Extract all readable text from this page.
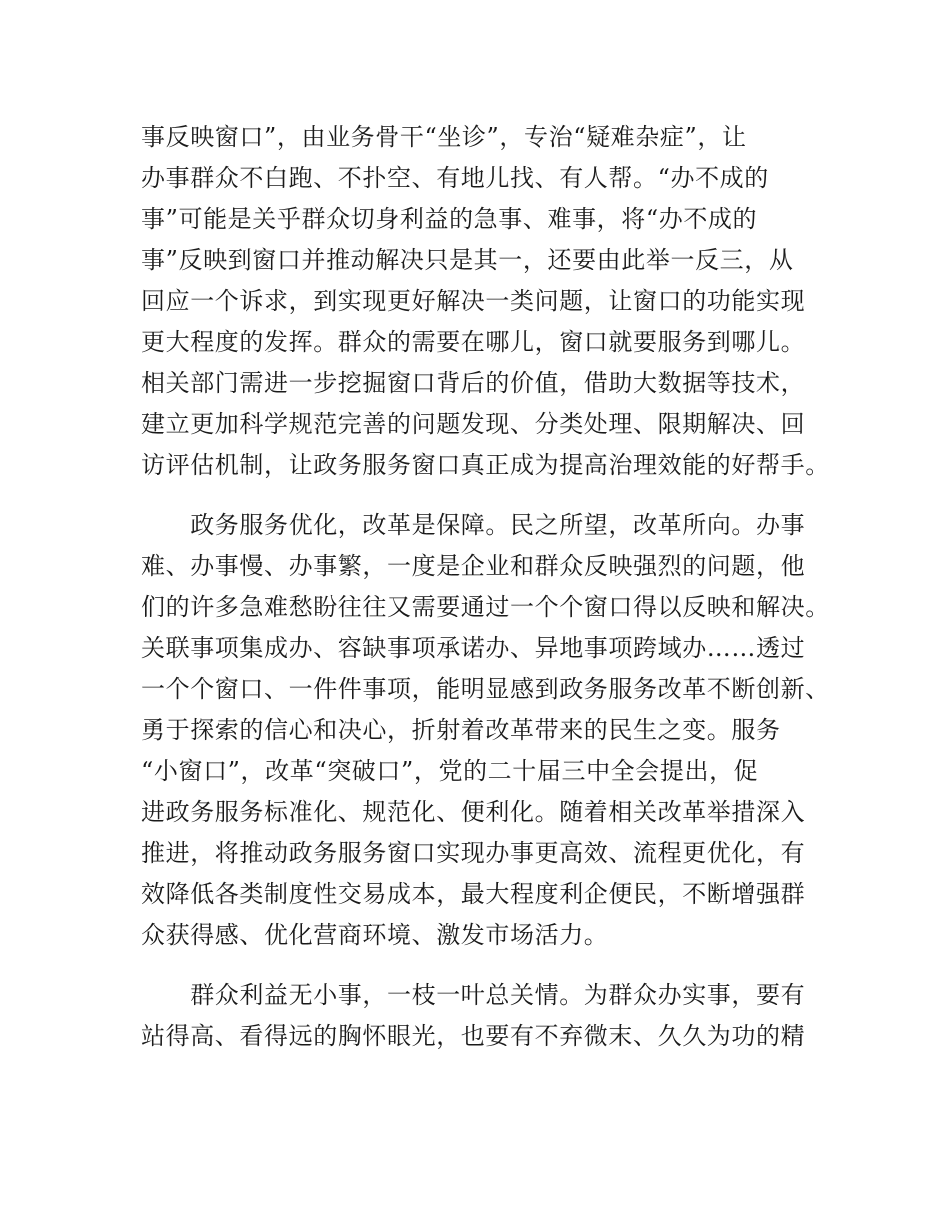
事反映窗口”，由业务骨干“坐诊”，专治“疑难杂症”，让
办事群众不白跑、不扑空、有地儿找、有人帮。“办不成的
事”可能是关乎群众切身利益的急事、难事，将“办不成的
事”反映到窗口并推动解决只是其一，还要由此举一反三，从
回应一个诉求，到实现更好解决一类问题，让窗口的功能实现
更大程度的发挥。群众的需要在哪儿，窗口就要服务到哪儿。
相关部门需进一步挖掘窗口背后的价值，借助大数据等技术，
建立更加科学规范完善的问题发现、分类处理、限期解决、回
访评估机制，让政务服务窗口真正成为提高治理效能的好帮手。
　　政务服务优化，改革是保障。民之所望，改革所向。办事
难、办事慢、办事繁，一度是企业和群众反映强烈的问题，他
们的许多急难愁盼往往又需要通过一个个窗口得以反映和解决。
关联事项集成办、容缺事项承诺办、异地事项跨域办……透过
一个个窗口、一件件事项，能明显感到政务服务改革不断创新、
勇于探索的信心和决心，折射着改革带来的民生之变。服务
“小窗口”，改革“突破口”，党的二十届三中全会提出，促
进政务服务标准化、规范化、便利化。随着相关改革举措深入
推进，将推动政务服务窗口实现办事更高效、流程更优化，有
效降低各类制度性交易成本，最大程度利企便民，不断增强群
众获得感、优化营商环境、激发市场活力。
　　群众利益无小事，一枝一叶总关情。为群众办实事，要有
站得高、看得远的胸怀眼光，也要有不弃微末、久久为功的精
